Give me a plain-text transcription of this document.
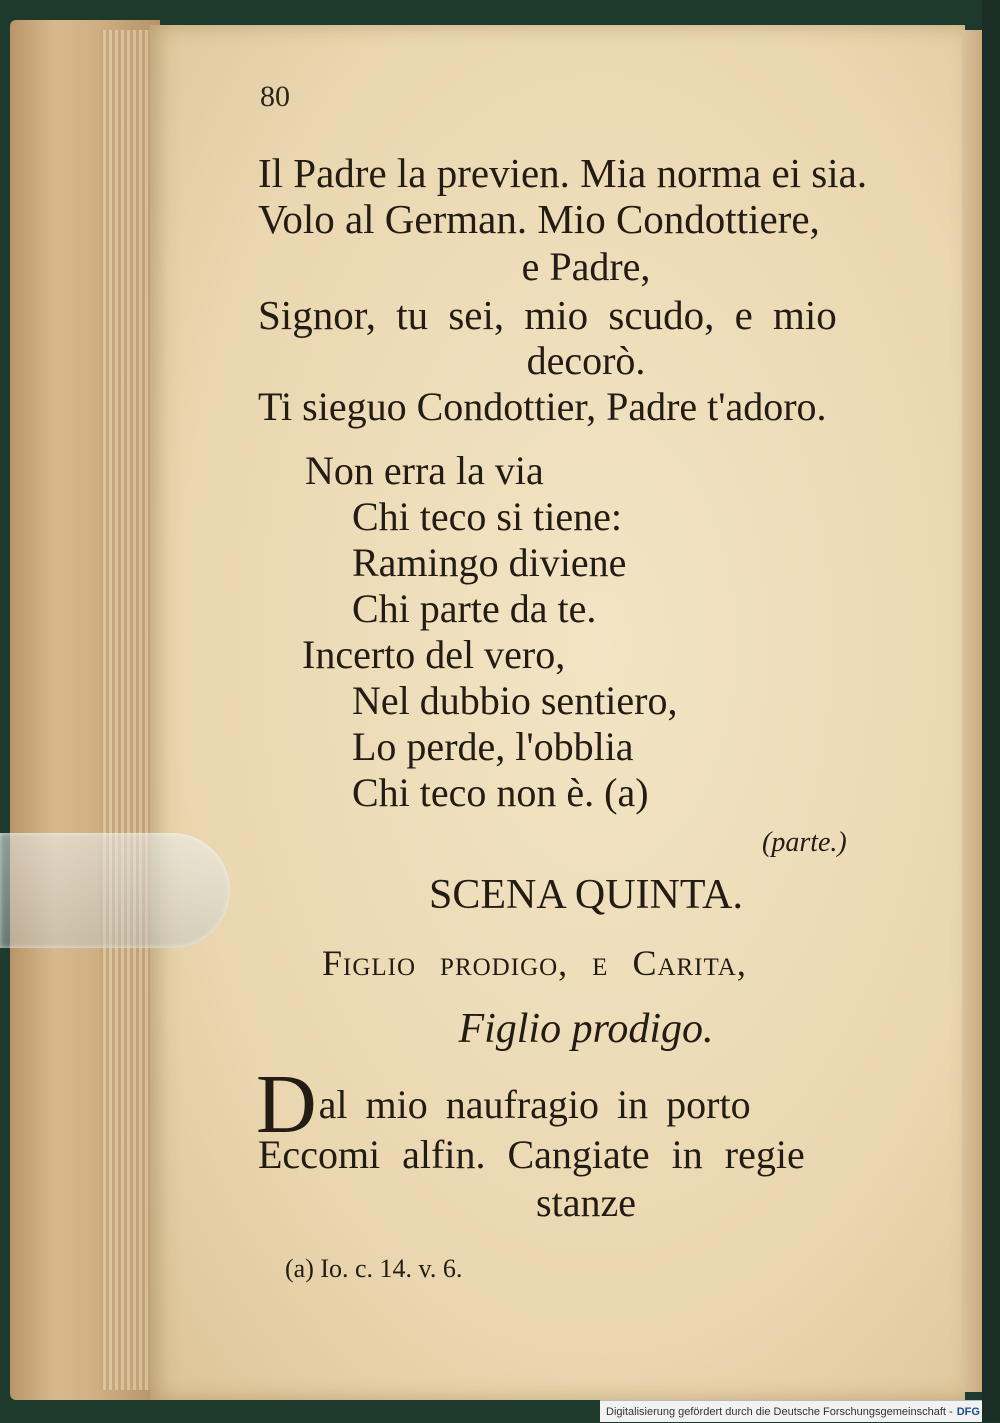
80
Il Padre la previen. Mia norma ei sia.
Volo al German. Mio Condottiere,
e Padre,
Signor, tu sei, mio scudo, e mio
decorò.
Ti sieguo Condottier, Padre t'adoro.
Non erra la via
Chi teco si tiene:
Ramingo diviene
Chi parte da te.
Incerto del vero,
Nel dubbio sentiero,
Lo perde, l'obblia
Chi teco non è. (a)
(parte.)
SCENA QUINTA.
Figlio prodigo, e Carita,
Figlio prodigo.
D al mio naufragio in porto
Eccomi alfin. Cangiate in regie
stanze
(a) Io. c. 14. v. 6.
Digitalisierung gefördert durch die Deutsche Forschungsgemeinschaft - DFG
